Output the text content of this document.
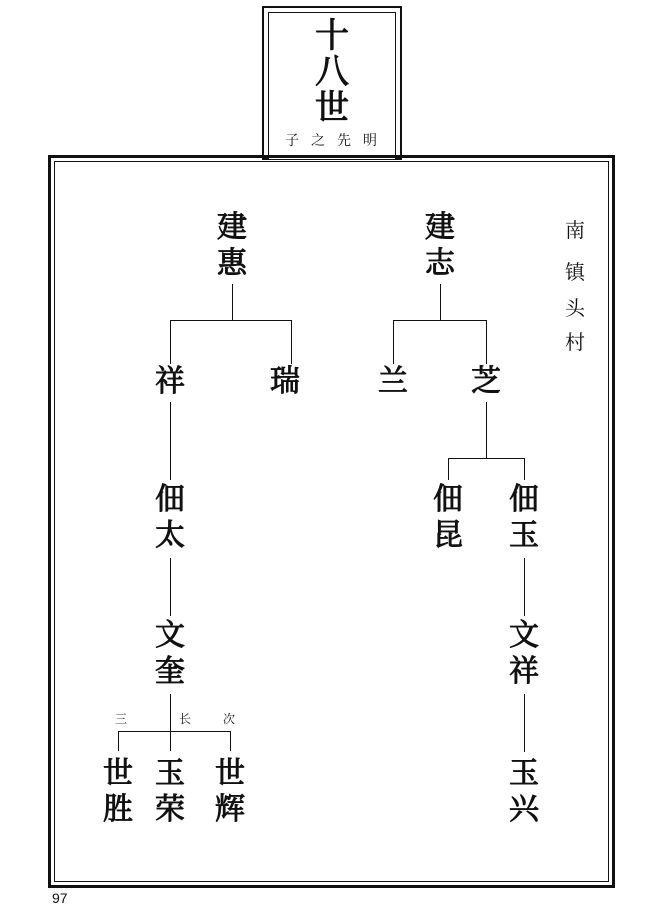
十
八
世
子之先明
南
镇
头
村
建
惠
祥	瑞
佃
太
文
奎
三	长	次
世
胜
玉
荣
世
辉
建
志
兰 芝
佃
昆
佃
玉
文
祥
玉
兴
97
